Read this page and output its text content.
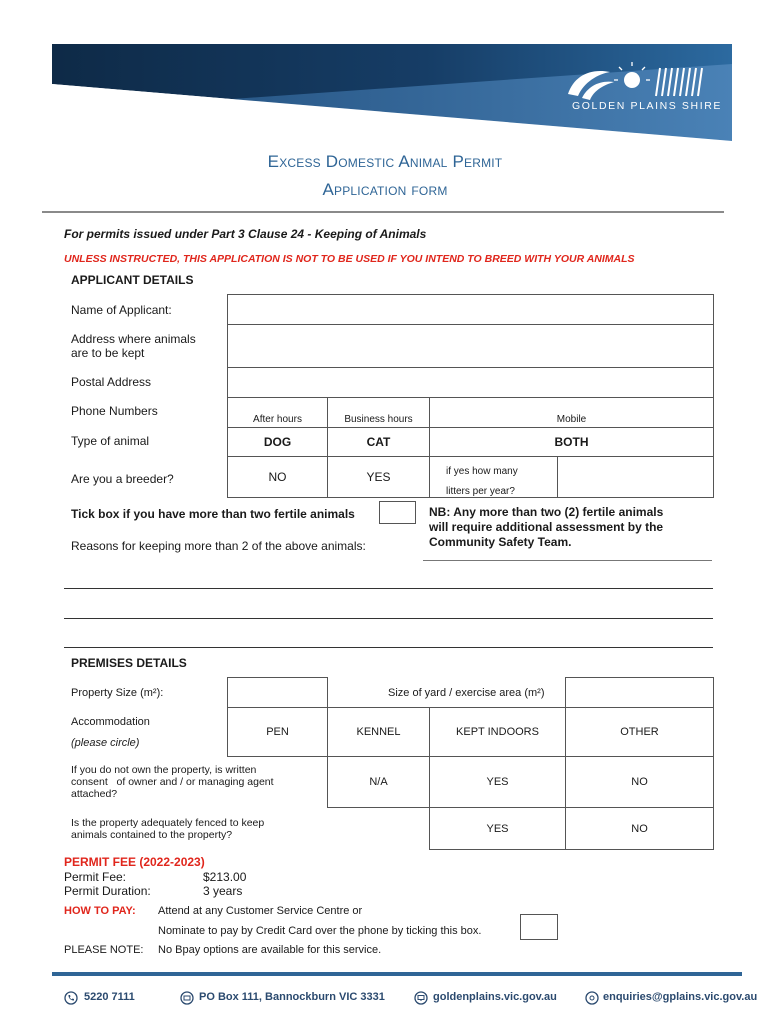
GOLDEN PLAINS SHIRE
Excess Domestic Animal Permit
Application form
For permits issued under Part 3 Clause 24 - Keeping of Animals
UNLESS INSTRUCTED, THIS APPLICATION IS NOT TO BE USED IF YOU INTEND TO BREED WITH YOUR ANIMALS
APPLICANT DETAILS
Name of Applicant:
Address where animals
are to be kept
Postal Address
Phone Numbers
After hours	Business hours	Mobile
Type of animal	DOG	CAT	BOTH
Are you a breeder?	NO	YES	if yes how many
litters per year?
Tick box if you have more than two fertile animals	NB: Any more than two (2) fertile animals
will require additional assessment by the
Community Safety Team.
Reasons for keeping more than 2 of the above animals:
PREMISES DETAILS
Property Size (m²):	Size of yard / exercise area (m²)
Accommodation
(please circle)
PEN	KENNEL	KEPT INDOORS	OTHER
If you do not own the property, is written
consent   of owner and / or managing agent
attached?
N/A	YES	NO
Is the property adequately fenced to keep
animals contained to the property?
YES	NO
PERMIT FEE (2022-2023)
Permit Fee:	$213.00
Permit Duration:	3 years
HOW TO PAY: Attend at any Customer Service Centre or
Nominate to pay by Credit Card over the phone by ticking this box.
PLEASE NOTE: No Bpay options are available for this service.
5220 7111	PO Box 111, Bannockburn VIC 3331	goldenplains.vic.gov.au	enquiries@gplains.vic.gov.au
